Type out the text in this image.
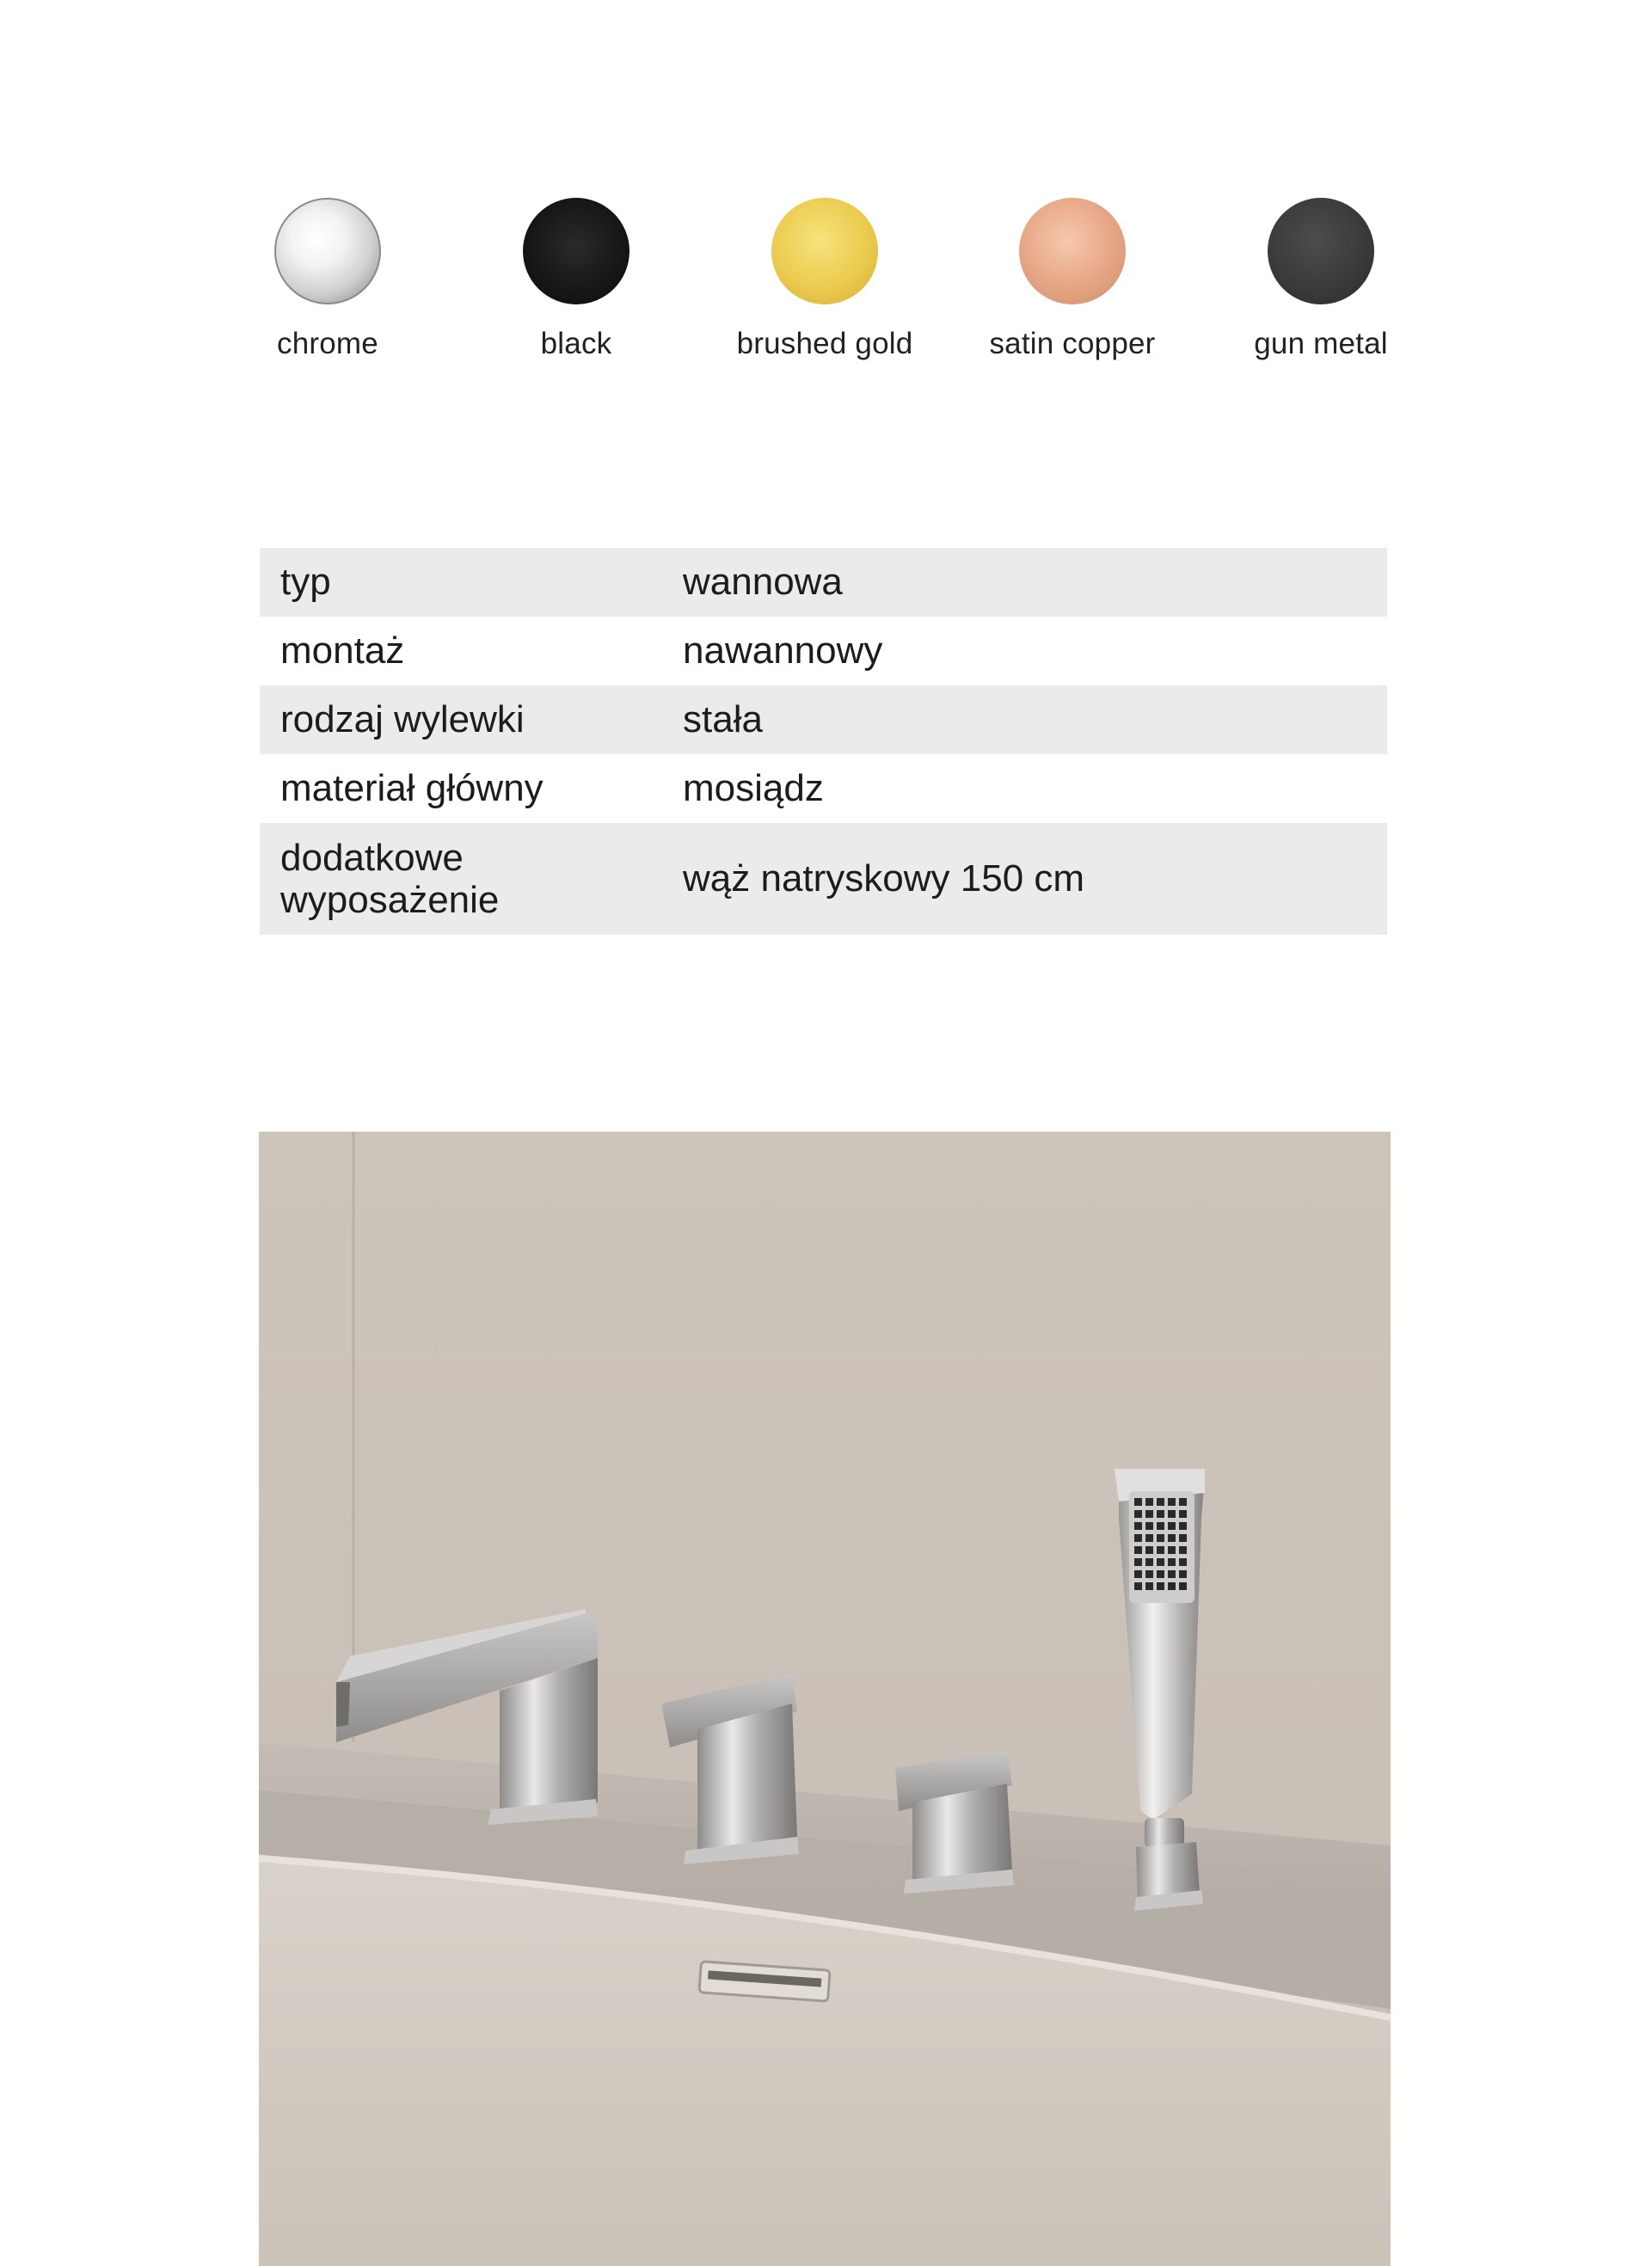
chrome	black	brushed gold	satin copper	gun metal
typ	wannowa
montaż	nawannowy
rodzaj wylewki	stała
materiał główny	mosiądz
dodatkowe wyposażenie	wąż natryskowy 150 cm
